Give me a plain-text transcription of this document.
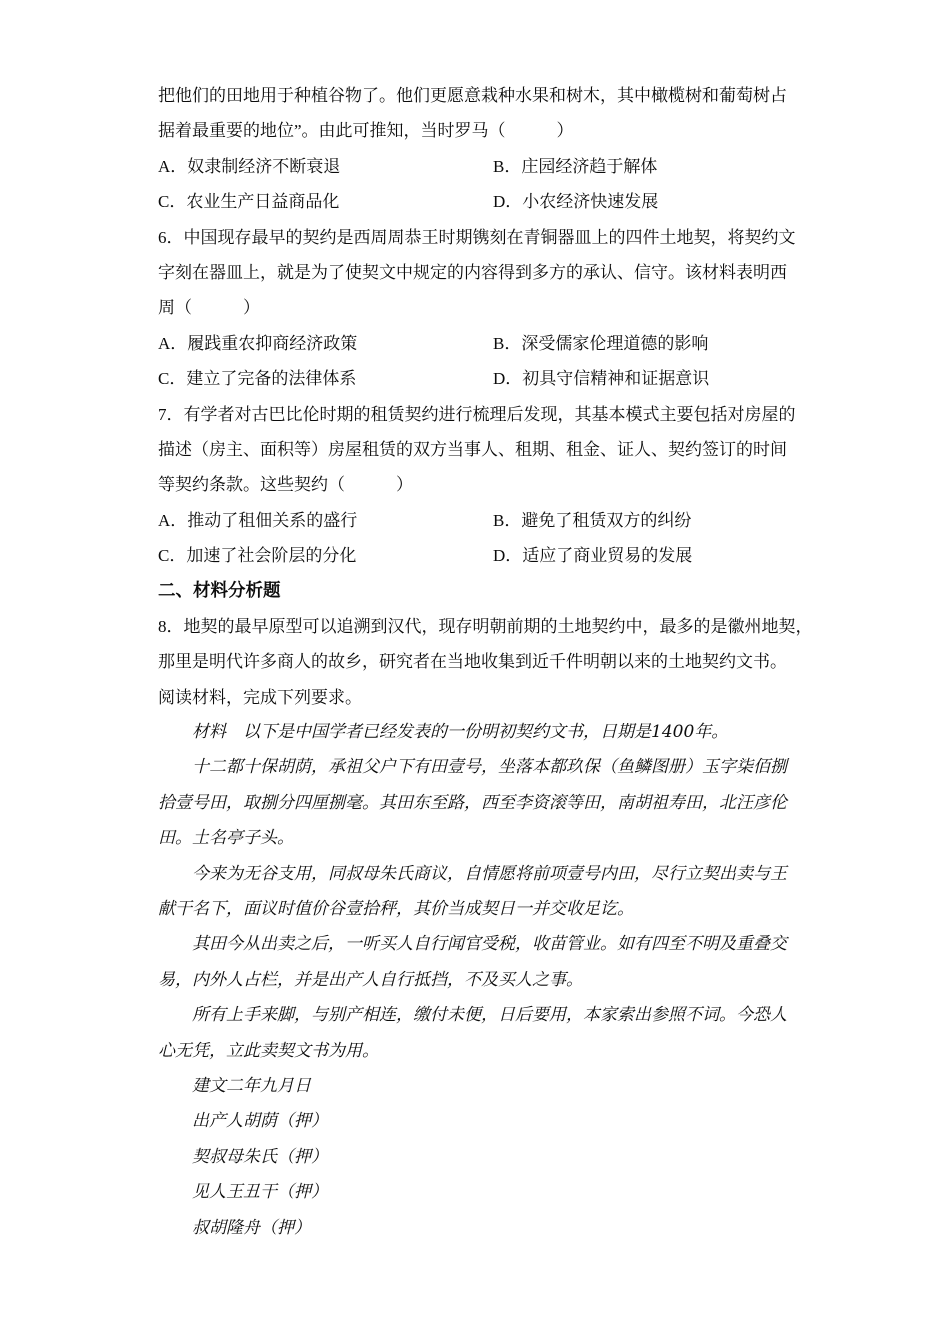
把他们的田地用于种植谷物了。他们更愿意栽种水果和树木，其中橄榄树和葡萄树占
据着最重要的地位”。由此可推知，当时罗马（　　　）
A．奴隶制经济不断衰退	B．庄园经济趋于解体
C．农业生产日益商品化	D．小农经济快速发展
6．中国现存最早的契约是西周周恭王时期镌刻在青铜器皿上的四件土地契，将契约文
字刻在器皿上，就是为了使契文中规定的内容得到多方的承认、信守。该材料表明西
周（　　　）
A．履践重农抑商经济政策	B．深受儒家伦理道德的影响
C．建立了完备的法律体系	D．初具守信精神和证据意识
7．有学者对古巴比伦时期的租赁契约进行梳理后发现，其基本模式主要包括对房屋的
描述（房主、面积等）房屋租赁的双方当事人、租期、租金、证人、契约签订的时间
等契约条款。这些契约（　　　）
A．推动了租佃关系的盛行	B．避免了租赁双方的纠纷
C．加速了社会阶层的分化	D．适应了商业贸易的发展
二、材料分析题
8．地契的最早原型可以追溯到汉代，现存明朝前期的土地契约中，最多的是徽州地契，
那里是明代许多商人的故乡，研究者在当地收集到近千件明朝以来的土地契约文书。
阅读材料，完成下列要求。
材料　以下是中国学者已经发表的一份明初契约文书，日期是1400年。
十二都十保胡荫，承祖父户下有田壹号，坐落本都玖保（鱼鳞图册）玉字柒佰捌
拾壹号田，取捌分四厘捌毫。其田东至路，西至李资滚等田，南胡祖寿田，北汪彦伦
田。土名亭子头。
今来为无谷支用，同叔母朱氏商议，自情愿将前项壹号内田，尽行立契出卖与王
献干名下，面议时值价谷壹拾秤，其价当成契日一并交收足讫。
其田今从出卖之后，一听买人自行闻官受税，收苗管业。如有四至不明及重叠交
易，内外人占栏，并是出产人自行抵挡，不及买人之事。
所有上手来脚，与别产相连，缴付未便，日后要用，本家索出参照不词。今恐人
心无凭，立此卖契文书为用。
建文二年九月日
出产人胡荫（押）
契叔母朱氏（押）
见人王丑干（押）
叔胡隆舟（押）
